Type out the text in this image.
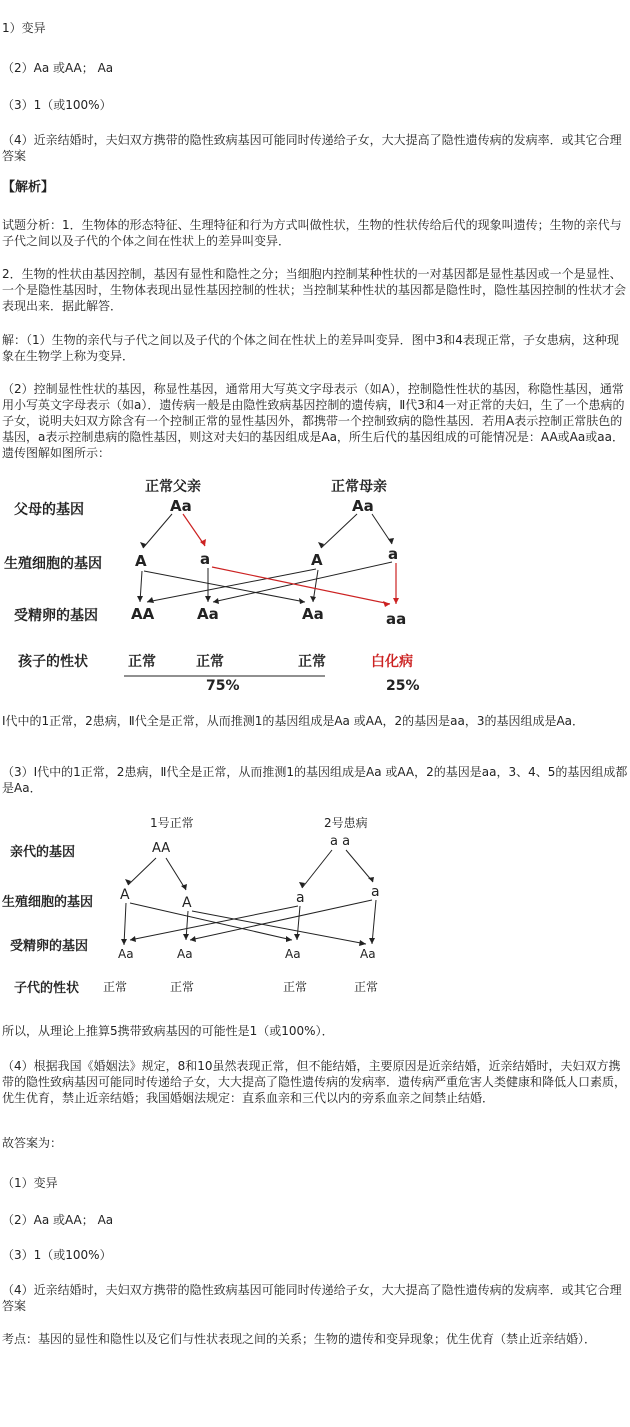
1）变异

（2）Aa 或AA； Aa

（3）1（或100%）

（4）近亲结婚时，夫妇双方携带的隐性致病基因可能同时传递给子女，大大提高了隐性遗传病的发病率．或其它合理答案

【解析】

试题分析：1．生物体的形态特征、生理特征和行为方式叫做性状，生物的性状传给后代的现象叫遗传；生物的亲代与子代之间以及子代的个体之间在性状上的差异叫变异．

2．生物的性状由基因控制，基因有显性和隐性之分；当细胞内控制某种性状的一对基因都是显性基因或一个是显性、一个是隐性基因时，生物体表现出显性基因控制的性状；当控制某种性状的基因都是隐性时，隐性基因控制的性状才会表现出来．据此解答．

解：（1）生物的亲代与子代之间以及子代的个体之间在性状上的差异叫变异．图中3和4表现正常，子女患病，这种现象在生物学上称为变异．

（2）控制显性性状的基因，称显性基因，通常用大写英文字母表示（如A），控制隐性性状的基因，称隐性基因，通常用小写英文字母表示（如a）．遗传病一般是由隐性致病基因控制的遗传病，Ⅱ代3和4一对正常的夫妇，生了一个患病的子女，说明夫妇双方除含有一个控制正常的显性基因外，都携带一个控制致病的隐性基因．若用A表示控制正常肤色的基因，a表示控制患病的隐性基因，则这对夫妇的基因组成是Aa，所生后代的基因组成的可能情况是：AA或Aa或aa．遗传图解如图所示：

父母的基因
生殖细胞的基因
受精卵的基因
孩子的性状
正常父亲	正常母亲
Aa	Aa
A	a	A	a
AA	Aa	Aa	aa
正常	正常	正常	白化病
75%	25%

Ⅰ代中的1正常，2患病，Ⅱ代全是正常，从而推测1的基因组成是Aa 或AA，2的基因是aa，3的基因组成是Aa．

（3）Ⅰ代中的1正常，2患病，Ⅱ代全是正常，从而推测1的基因组成是Aa 或AA，2的基因是aa，3、4、5的基因组成都是Aa．

亲代的基因
生殖细胞的基因
受精卵的基因
子代的性状
1号正常	2号患病
AA	a a
A	A	a	a
Aa	Aa	Aa	Aa
正常	正常	正常	正常

所以，从理论上推算5携带致病基因的可能性是1（或100%）．

（4）根据我国《婚姻法》规定，8和10虽然表现正常，但不能结婚，主要原因是近亲结婚，近亲结婚时，夫妇双方携带的隐性致病基因可能同时传递给子女，大大提高了隐性遗传病的发病率．遗传病严重危害人类健康和降低人口素质，优生优育，禁止近亲结婚；我国婚姻法规定：直系血亲和三代以内的旁系血亲之间禁止结婚．

故答案为：

（1）变异

（2）Aa 或AA； Aa

（3）1（或100%）

（4）近亲结婚时，夫妇双方携带的隐性致病基因可能同时传递给子女，大大提高了隐性遗传病的发病率．或其它合理答案

考点：基因的显性和隐性以及它们与性状表现之间的关系；生物的遗传和变异现象；优生优育（禁止近亲结婚）．
